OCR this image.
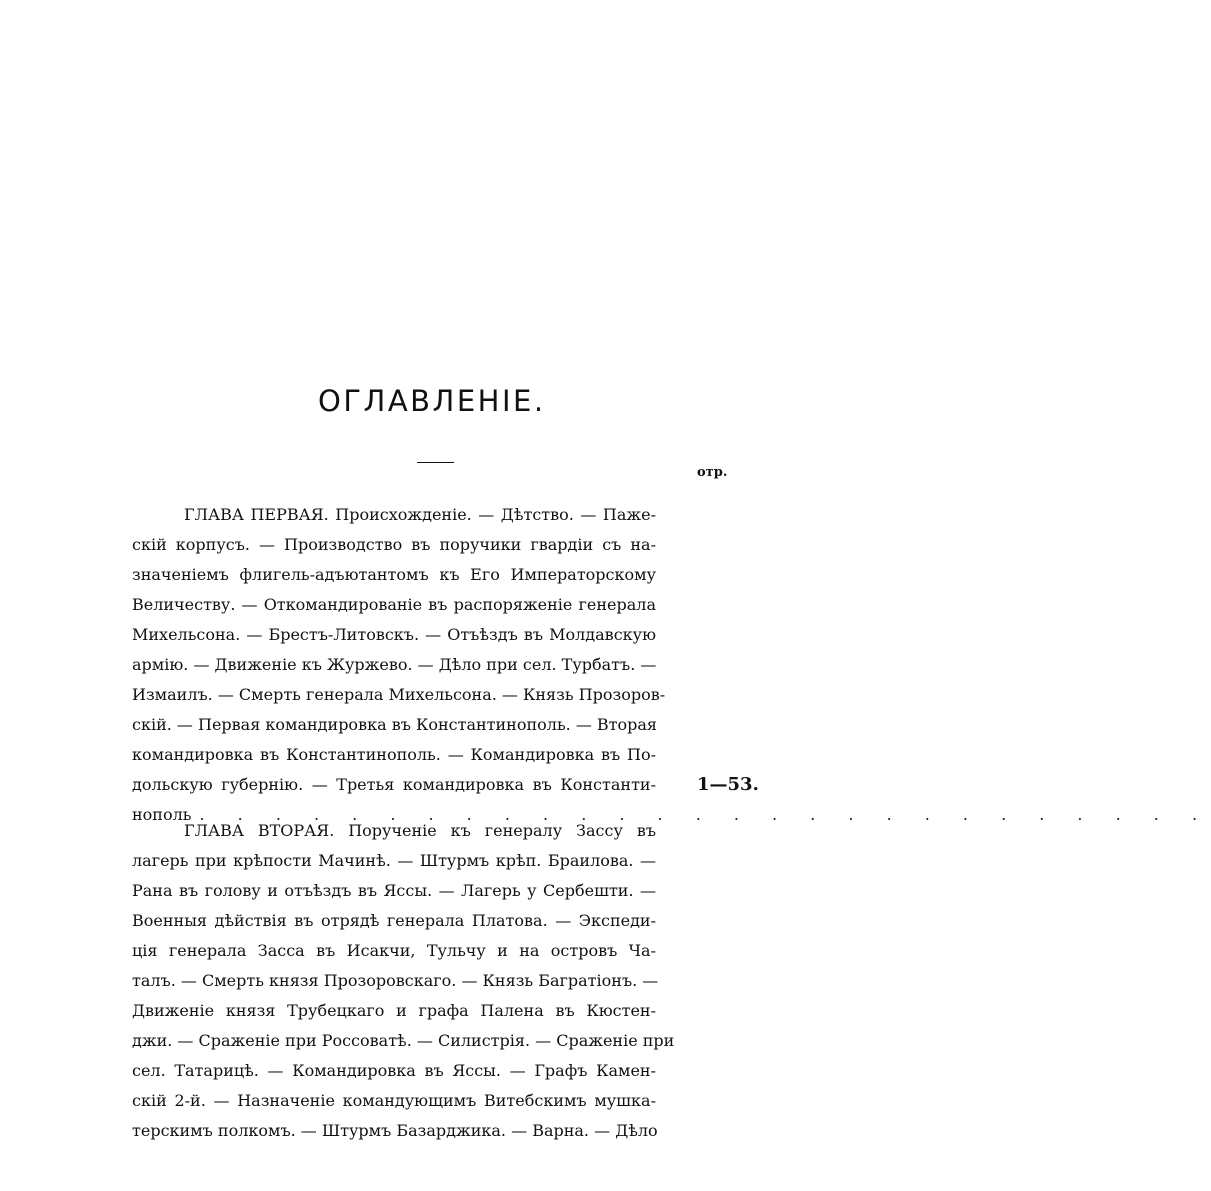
ОГЛАВЛЕНІЕ.
отр.
ГЛАВА ПЕРВАЯ. Происхожденіе. — Дѣтство. — Паже-
скій корпусъ. — Производство въ поручики гвардіи съ на-
значеніемъ флигель-адъютантомъ къ Его Императорскому
Величеству. — Откомандированіе въ распоряженіе генерала
Михельсона. — Брестъ-Литовскъ. — Отъѣздъ въ Молдавскую
армію. — Движеніе къ Журжево. — Дѣло при сел. Турбатъ. —
Измаилъ. — Смерть генерала Михельсона. — Князь Прозоров-
скій. — Первая командировка въ Константинополь. — Вторая
командировка въ Константинополь. — Командировка въ По-
дольскую губернію. — Третья командировка въ Константи-
нополь . . . . . . . . . . . . . . . . . . . . . . . . . . .
1—53.
ГЛАВА ВТОРАЯ. Порученіе къ генералу Зассу въ
лагерь при крѣпости Мачинѣ. — Штурмъ крѣп. Браилова. —
Рана въ голову и отъѣздъ въ Яссы. — Лагерь у Сербешти. —
Военныя дѣйствія въ отрядѣ генерала Платова. — Экспеди-
ція генерала Засса въ Исакчи, Тульчу и на островъ Ча-
талъ. — Смерть князя Прозоровскаго. — Князь Багратіонъ. —
Движеніе князя Трубецкаго и графа Палена въ Кюстен-
джи. — Сраженіе при Россоватѣ. — Силистрія. — Сраженіе при
сел. Татарицѣ. — Командировка въ Яссы. — Графъ Камен-
скій 2-й. — Назначеніе командующимъ Витебскимъ мушка-
терскимъ полкомъ. — Штурмъ Базарджика. — Варна. — Дѣло
